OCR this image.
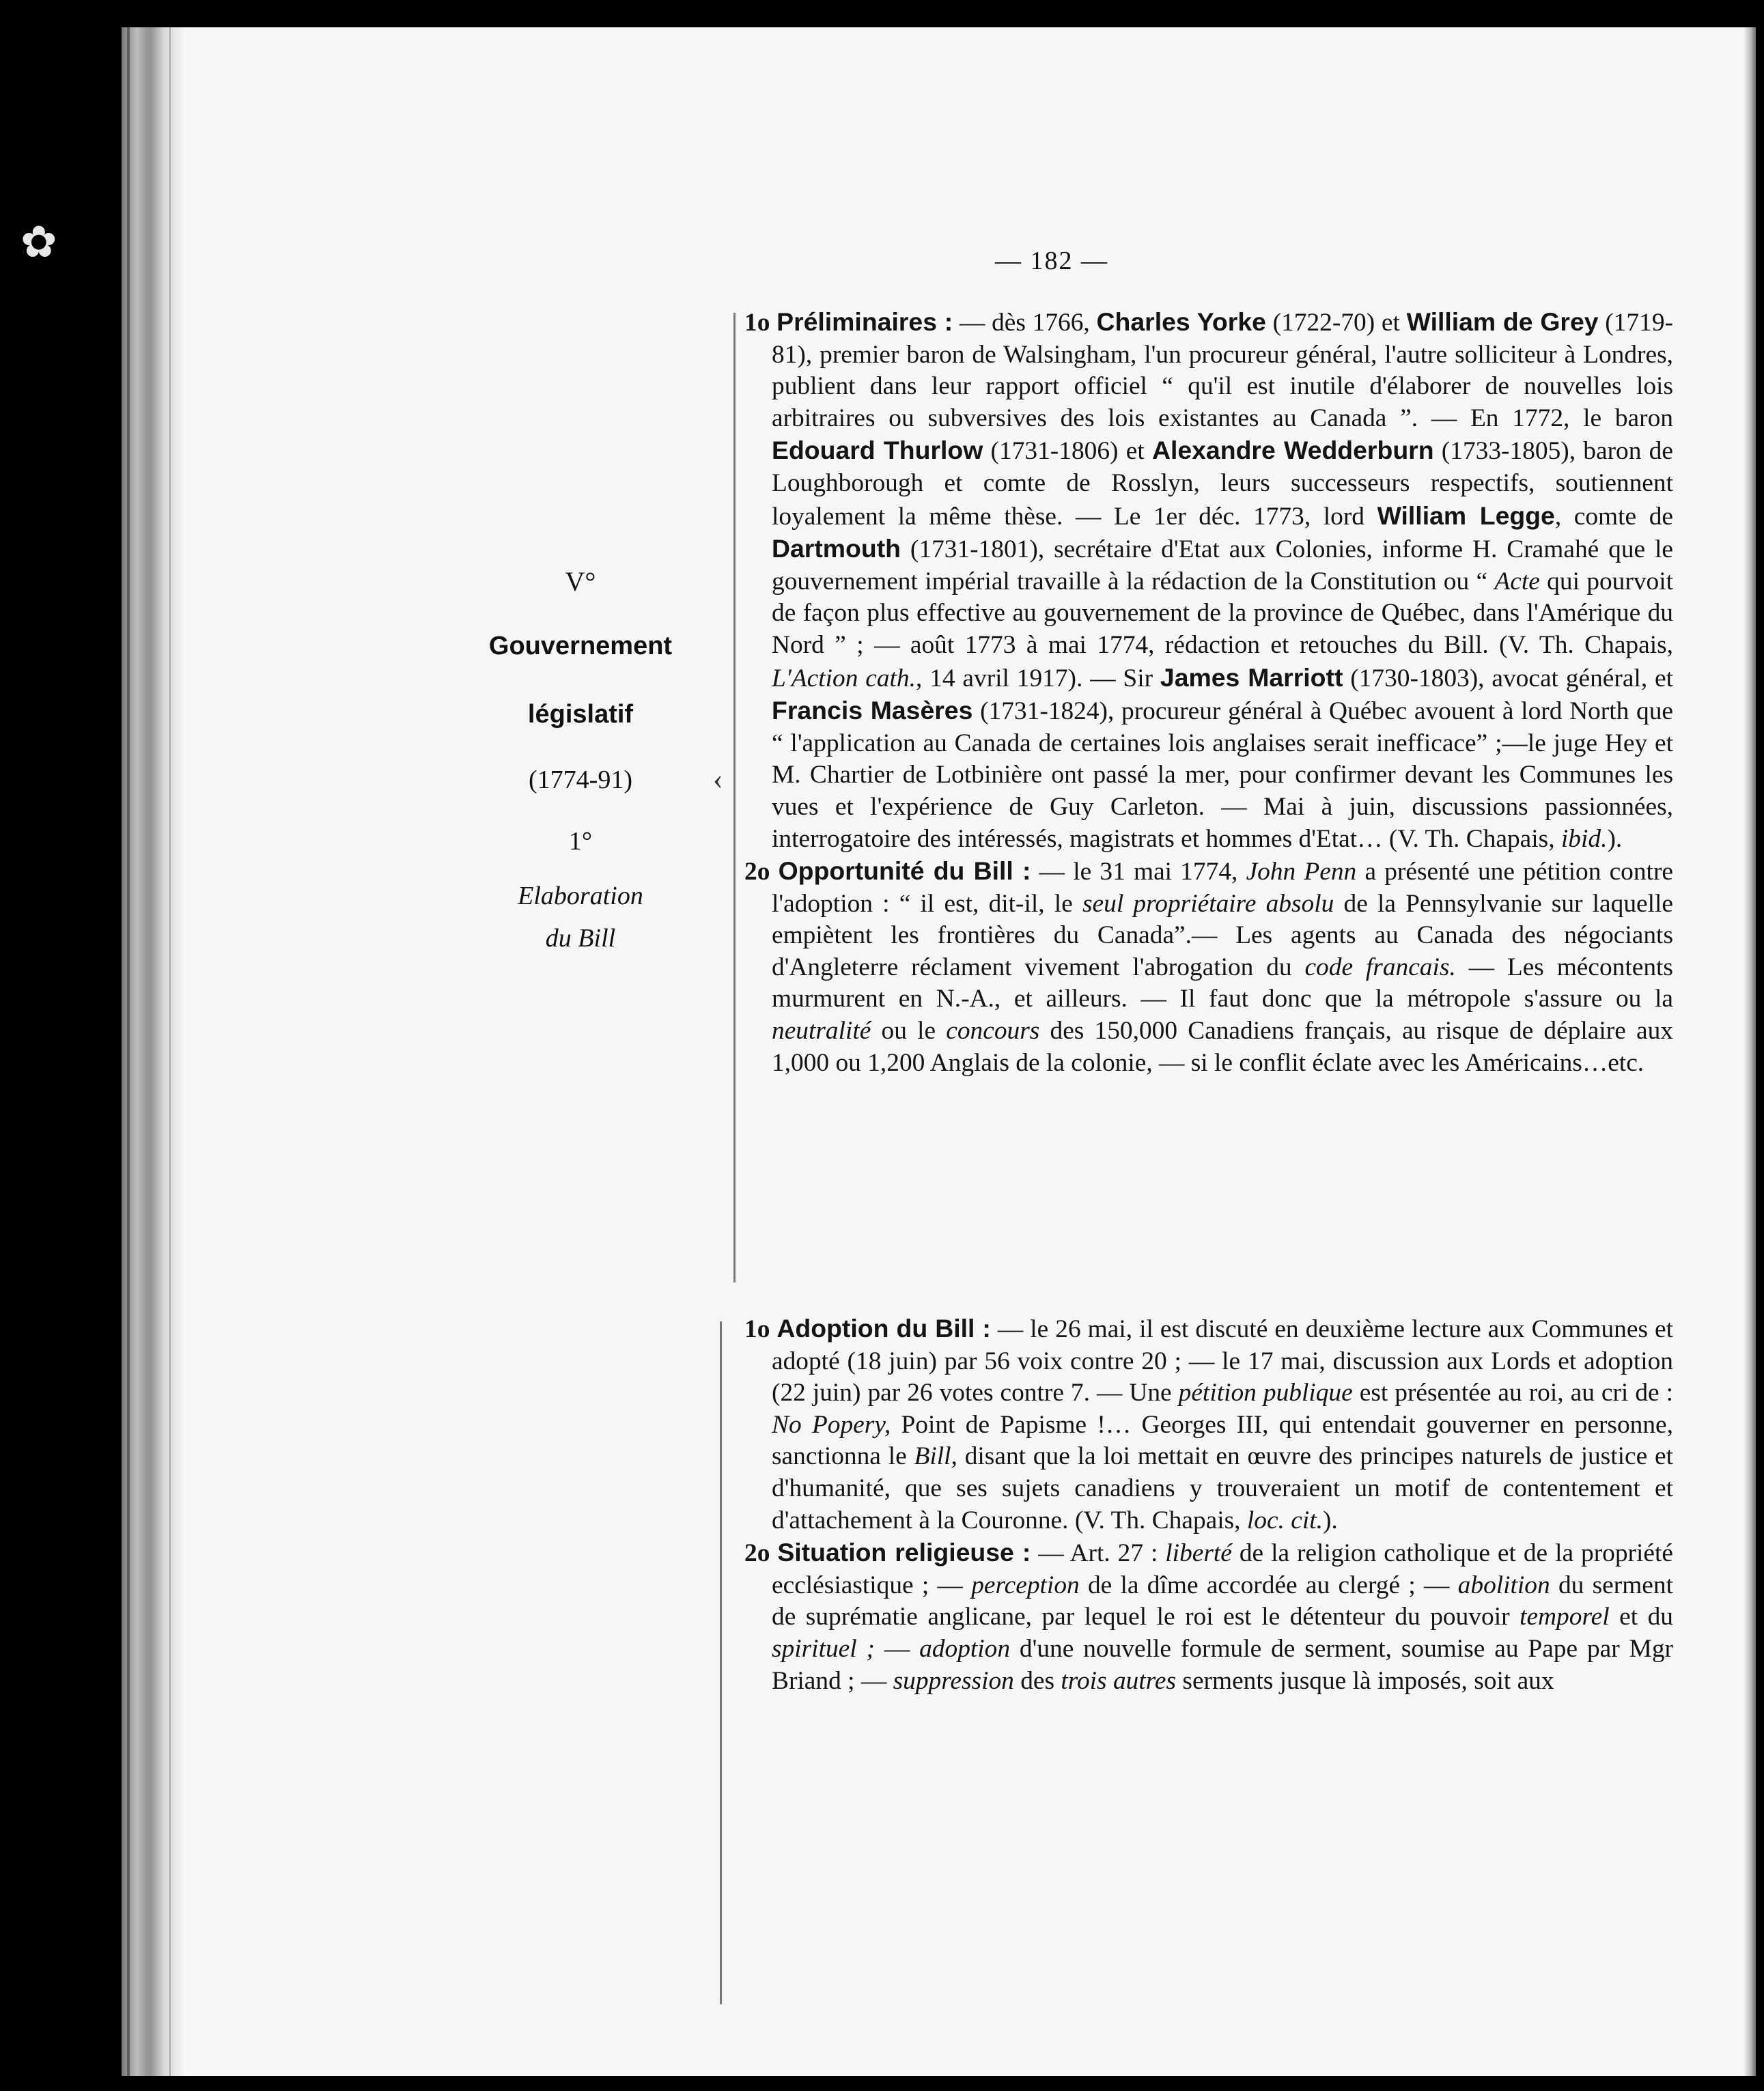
✿	— 182 —
V°
Gouvernement
législatif
(1774-91)
1°
Elaboration
du Bill
‹

1o Préliminaires : — dès 1766, Charles Yorke (1722-70) et William de Grey (1719-81), premier baron de Walsingham, l'un procureur général, l'autre solliciteur à Londres, publient dans leur rapport officiel “ qu'il est inutile d'élaborer de nouvelles lois arbitraires ou subversives des lois existantes au Canada ”. — En 1772, le baron Edouard Thurlow (1731-1806) et Alexandre Wedderburn (1733-1805), baron de Loughborough et comte de Rosslyn, leurs successeurs respectifs, soutiennent loyalement la même thèse. — Le 1er déc. 1773, lord William Legge, comte de Dartmouth (1731-1801), secrétaire d'Etat aux Colonies, informe H. Cramahé que le gouvernement impérial travaille à la rédaction de la Constitution ou “ Acte qui pourvoit de façon plus effective au gouvernement de la province de Québec, dans l'Amérique du Nord ” ; — août 1773 à mai 1774, rédaction et retouches du Bill. (V. Th. Chapais, L'Action cath., 14 avril 1917). — Sir James Marriott (1730-1803), avocat général, et Francis Masères (1731-1824), procureur général à Québec avouent à lord North que “ l'application au Canada de certaines lois anglaises serait inefficace” ;—le juge Hey et M. Chartier de Lotbinière ont passé la mer, pour confirmer devant les Communes les vues et l'expérience de Guy Carleton. — Mai à juin, discussions passionnées, interrogatoire des intéressés, magistrats et hommes d'Etat… (V. Th. Chapais, ibid.).

2o Opportunité du Bill : — le 31 mai 1774, John Penn a présenté une pétition contre l'adoption : “ il est, dit-il, le seul propriétaire absolu de la Pennsylvanie sur laquelle empiètent les frontières du Canada”.— Les agents au Canada des négociants d'Angleterre réclament vivement l'abrogation du code francais. — Les mécontents murmurent en N.-A., et ailleurs. — Il faut donc que la métropole s'assure ou la neutralité ou le concours des 150,000 Canadiens français, au risque de déplaire aux 1,000 ou 1,200 Anglais de la colonie, — si le conflit éclate avec les Américains…etc.

1o Adoption du Bill : — le 26 mai, il est discuté en deuxième lecture aux Communes et adopté (18 juin) par 56 voix contre 20 ; — le 17 mai, discussion aux Lords et adoption (22 juin) par 26 votes contre 7. — Une pétition publique est présentée au roi, au cri de : No Popery, Point de Papisme !… Georges III, qui entendait gouverner en personne, sanctionna le Bill, disant que la loi mettait en œuvre des principes naturels de justice et d'humanité, que ses sujets canadiens y trouveraient un motif de contentement et d'attachement à la Couronne. (V. Th. Chapais, loc. cit.).

2o Situation religieuse : — Art. 27 : liberté de la religion catholique et de la propriété ecclésiastique ; — perception de la dîme accordée au clergé ; — abolition du serment de suprématie anglicane, par lequel le roi est le détenteur du pouvoir temporel et du spirituel ; — adoption d'une nouvelle formule de serment, soumise au Pape par Mgr Briand ; — suppression des trois autres serments jusque là imposés, soit aux
